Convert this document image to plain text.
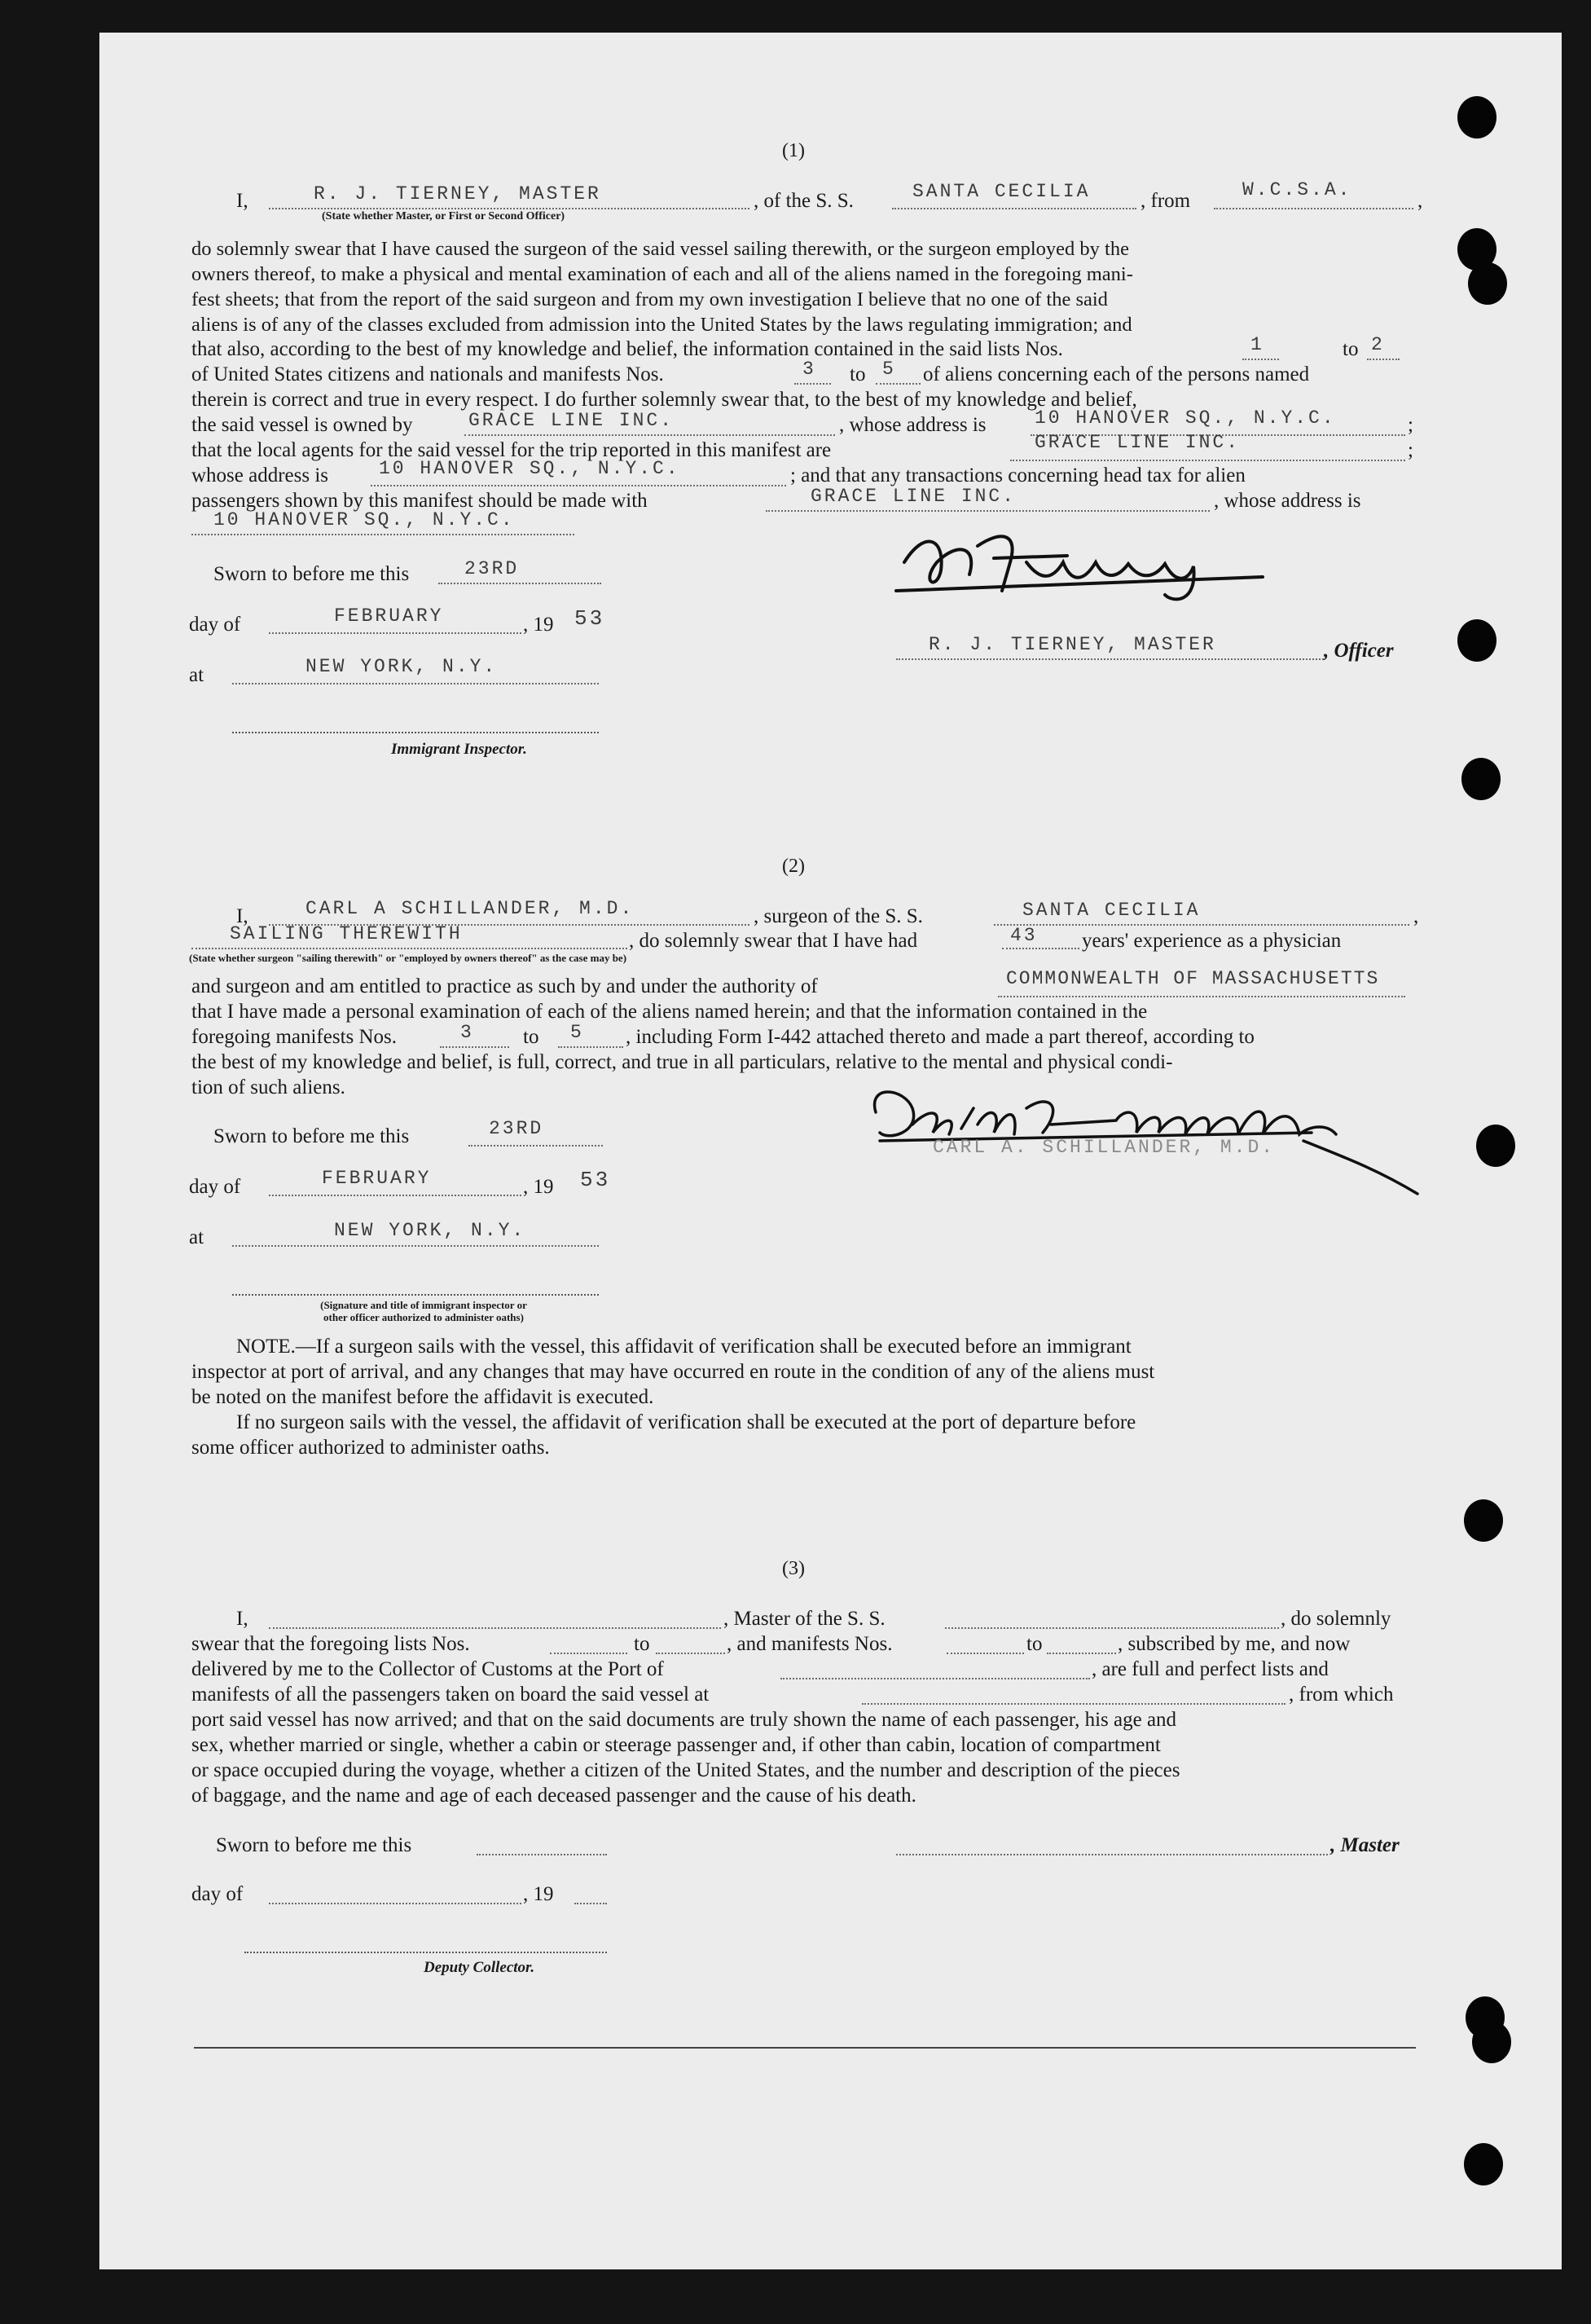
(1)
I,	R. J. TIERNEY, MASTER
(State whether Master, or First or Second Officer)
, of the S. S.	SANTA CECILIA , from	W.C.S.A.	,
do solemnly swear that I have caused the surgeon of the said vessel sailing therewith, or the surgeon employed by the
owners thereof, to make a physical and mental examination of each and all of the aliens named in the foregoing mani-
fest sheets; that from the report of the said surgeon and from my own investigation I believe that no one of the said
aliens is of any of the classes excluded from admission into the United States by the laws regulating immigration; and
that also, according to the best of my knowledge and belief, the information contained in the said lists Nos.	1	to 2
of United States citizens and nationals and manifests Nos.	3 to 5 of aliens concerning each of the persons named
therein is correct and true in every respect. I do further solemnly swear that, to the best of my knowledge and belief,
the said vessel is owned by	GRACE LINE INC.	, whose address is	10 HANOVER SQ., N.Y.C.	;
that the local agents for the said vessel for the trip reported in this manifest are	GRACE LINE INC.	;
whose address is	10 HANOVER SQ., N.Y.C.	; and that any transactions concerning head tax for alien
passengers shown by this manifest should be made with	GRACE LINE INC.	, whose address is
10 HANOVER SQ., N.Y.C.
Sworn to before me this	23RD
day of	FEBRUARY	, 19 53
R. J. TIERNEY, MASTER	, Officer
at	NEW YORK, N.Y.
Immigrant Inspector.
(2)
I,	CARL A SCHILLANDER, M.D.	, surgeon of the S. S.	SANTA CECILIA	,
SAILING THEREWITH	, do solemnly swear that I have had	43 years' experience as a physician
(State whether surgeon "sailing therewith" or "employed by owners thereof" as the case may be)
and surgeon and am entitled to practice as such by and under the authority of	COMMONWEALTH OF MASSACHUSETTS
that I have made a personal examination of each of the aliens named herein; and that the information contained in the
foregoing manifests Nos.	3 to 5 , including Form I-442 attached thereto and made a part thereof, according to
the best of my knowledge and belief, is full, correct, and true in all particulars, relative to the mental and physical condi-
tion of such aliens.
CARL A. SCHILLANDER, M.D.
Sworn to before me this	23RD
day of	FEBRUARY	, 19 53
at	NEW YORK, N.Y.
(Signature and title of immigrant inspector or
other officer authorized to administer oaths)
NOTE.—If a surgeon sails with the vessel, this affidavit of verification shall be executed before an immigrant
inspector at port of arrival, and any changes that may have occurred en route in the condition of any of the aliens must
be noted on the manifest before the affidavit is executed.
If no surgeon sails with the vessel, the affidavit of verification shall be executed at the port of departure before
some officer authorized to administer oaths.
(3)
I,	, Master of the S. S.	, do solemnly
swear that the foregoing lists Nos.	to	, and manifests Nos.	to	, subscribed by me, and now
delivered by me to the Collector of Customs at the Port of	, are full and perfect lists and
manifests of all the passengers taken on board the said vessel at	, from which
port said vessel has now arrived; and that on the said documents are truly shown the name of each passenger, his age and
sex, whether married or single, whether a cabin or steerage passenger and, if other than cabin, location of compartment
or space occupied during the voyage, whether a citizen of the United States, and the number and description of the pieces
of baggage, and the name and age of each deceased passenger and the cause of his death.
Sworn to before me this	, Master
day of	, 19
Deputy Collector.
